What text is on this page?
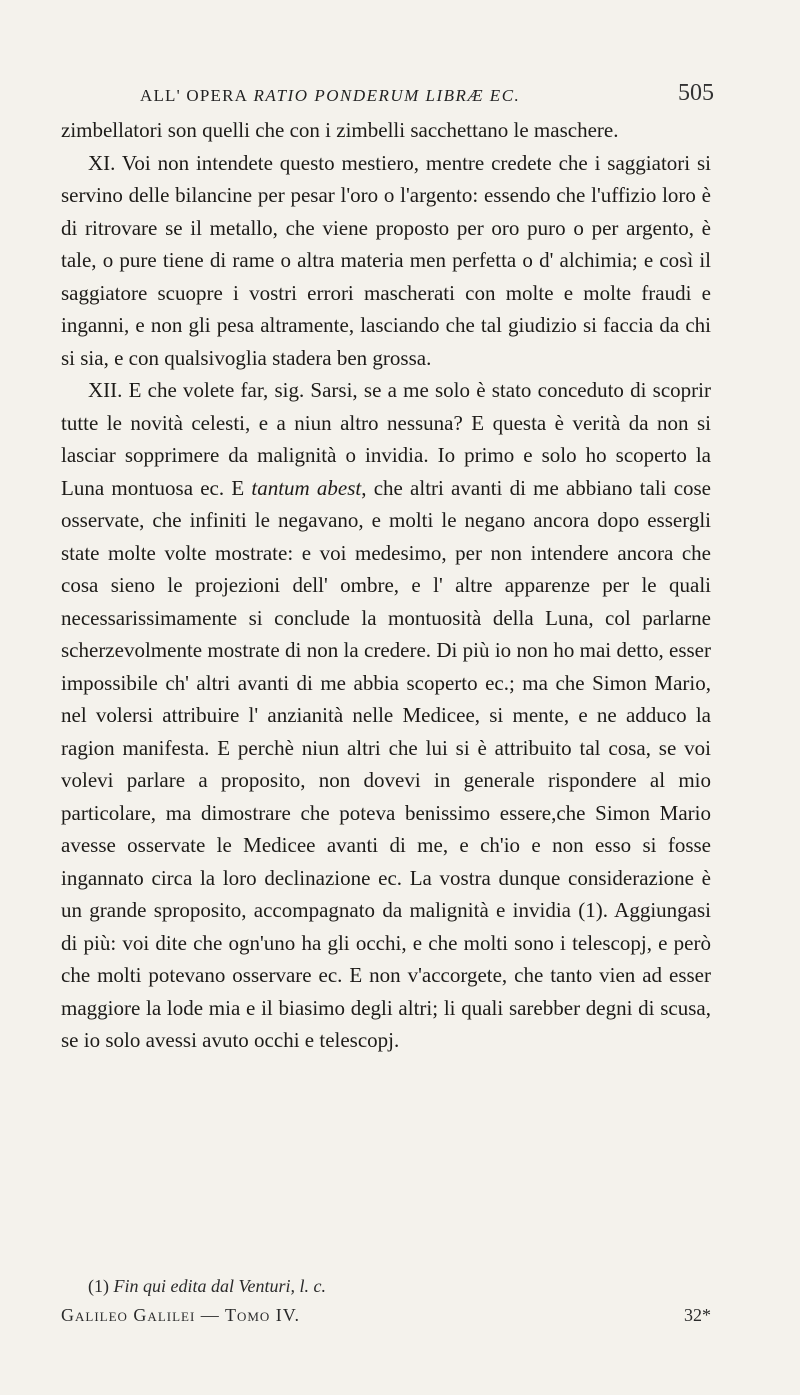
ALL' OPERA RATIO PONDERUM LIBRÆ EC.	505

zimbellatori son quelli che con i zimbelli sacchettano le maschere.

XI. Voi non intendete questo mestiero, mentre credete che i saggiatori si servino delle bilancine per pesar l'oro o l'argento: essendo che l'uffizio loro è di ritrovare se il metallo, che viene proposto per oro puro o per argento, è tale, o pure tiene di rame o altra materia men perfetta o d' alchimia; e così il saggiatore scuopre i vostri errori mascherati con molte e molte fraudi e inganni, e non gli pesa altramente, lasciando che tal giudizio si faccia da chi si sia, e con qualsivoglia stadera ben grossa.

XII. E che volete far, sig. Sarsi, se a me solo è stato conceduto di scoprir tutte le novità celesti, e a niun altro nessuna? E questa è verità da non si lasciar sopprimere da malignità o invidia. Io primo e solo ho scoperto la Luna montuosa ec. E tantum abest, che altri avanti di me abbiano tali cose osservate, che infiniti le negavano, e molti le negano ancora dopo essergli state molte volte mostrate: e voi medesimo, per non intendere ancora che cosa sieno le projezioni dell' ombre, e l' altre apparenze per le quali necessarissimamente si conclude la montuosità della Luna, col parlarne scherzevolmente mostrate di non la credere. Di più io non ho mai detto, esser impossibile ch' altri avanti di me abbia scoperto ec.; ma che Simon Mario, nel volersi attribuire l' anzianità nelle Medicee, si mente, e ne adduco la ragion manifesta. E perchè niun altri che lui si è attribuito tal cosa, se voi volevi parlare a proposito, non dovevi in generale rispondere al mio particolare, ma dimostrare che poteva benissimo essere,che Simon Mario avesse osservate le Medicee avanti di me, e ch'io e non esso si fosse ingannato circa la loro declinazione ec. La vostra dunque considerazione è un grande sproposito, accompagnato da malignità e invidia (1). Aggiungasi di più: voi dite che ogn'uno ha gli occhi, e che molti sono i telescopj, e però che molti potevano osservare ec. E non v'accorgete, che tanto vien ad esser maggiore la lode mia e il biasimo degli altri; li quali sarebber degni di scusa, se io solo avessi avuto occhi e telescopj.

(1) Fin qui edita dal Venturi, l. c.
Galileo Galilei — Tomo IV.	32*
